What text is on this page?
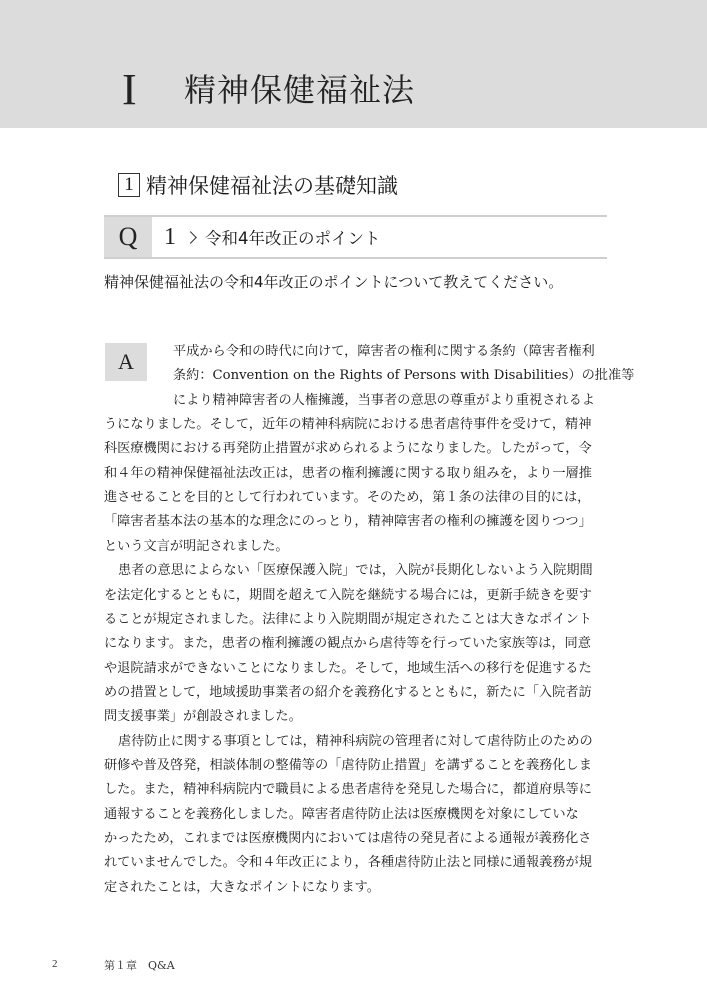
I 精神保健福祉法
1 精神保健福祉法の基礎知識
Q	1 令和4年改正のポイント
精神保健福祉法の令和4年改正のポイントについて教えてください。
A	平成から令和の時代に向けて，障害者の権利に関する条約（障害者権利
条約：Convention on the Rights of Persons with Disabilities）の批准等
により精神障害者の人権擁護，当事者の意思の尊重がより重視されるよ
うになりました。そして，近年の精神科病院における患者虐待事件を受けて，精神
科医療機関における再発防止措置が求められるようになりました。したがって，令
和４年の精神保健福祉法改正は，患者の権利擁護に関する取り組みを，より一層推
進させることを目的として行われています。そのため，第１条の法律の目的には，
「障害者基本法の基本的な理念にのっとり，精神障害者の権利の擁護を図りつつ」
という文言が明記されました。
患者の意思によらない「医療保護入院」では，入院が長期化しないよう入院期間
を法定化するとともに，期間を超えて入院を継続する場合には，更新手続きを要す
ることが規定されました。法律により入院期間が規定されたことは大きなポイント
になります。また，患者の権利擁護の観点から虐待等を行っていた家族等は，同意
や退院請求ができないことになりました。そして，地域生活への移行を促進するた
めの措置として，地域援助事業者の紹介を義務化するとともに，新たに「入院者訪
問支援事業」が創設されました。
虐待防止に関する事項としては，精神科病院の管理者に対して虐待防止のための
研修や普及啓発，相談体制の整備等の「虐待防止措置」を講ずることを義務化しま
した。また，精神科病院内で職員による患者虐待を発見した場合に，都道府県等に
通報することを義務化しました。障害者虐待防止法は医療機関を対象にしていな
かったため，これまでは医療機関内においては虐待の発見者による通報が義務化さ
れていませんでした。令和４年改正により，各種虐待防止法と同様に通報義務が規
定されたことは，大きなポイントになります。
2	第１章　Q&A
